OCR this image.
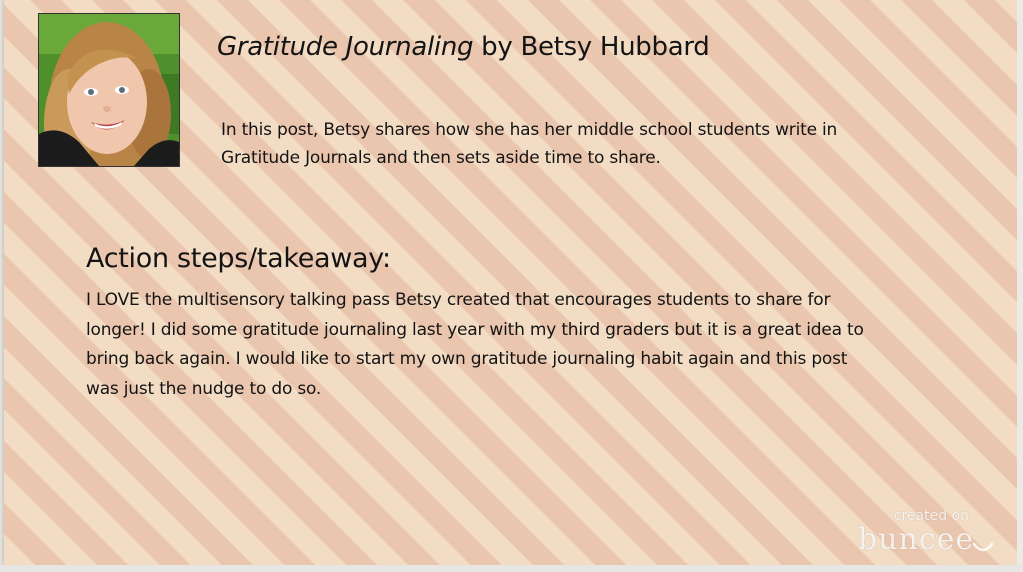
Gratitude Journaling by Betsy Hubbard
In this post, Betsy shares how she has her middle school students write in Gratitude Journals and then sets aside time to share.
Action steps/takeaway:
I LOVE the multisensory talking pass Betsy created that encourages students to share for longer! I did some gratitude journaling last year with my third graders but it is a great idea to bring back again. I would like to start my own gratitude journaling habit again and this post was just the nudge to do so.
created on
buncee
